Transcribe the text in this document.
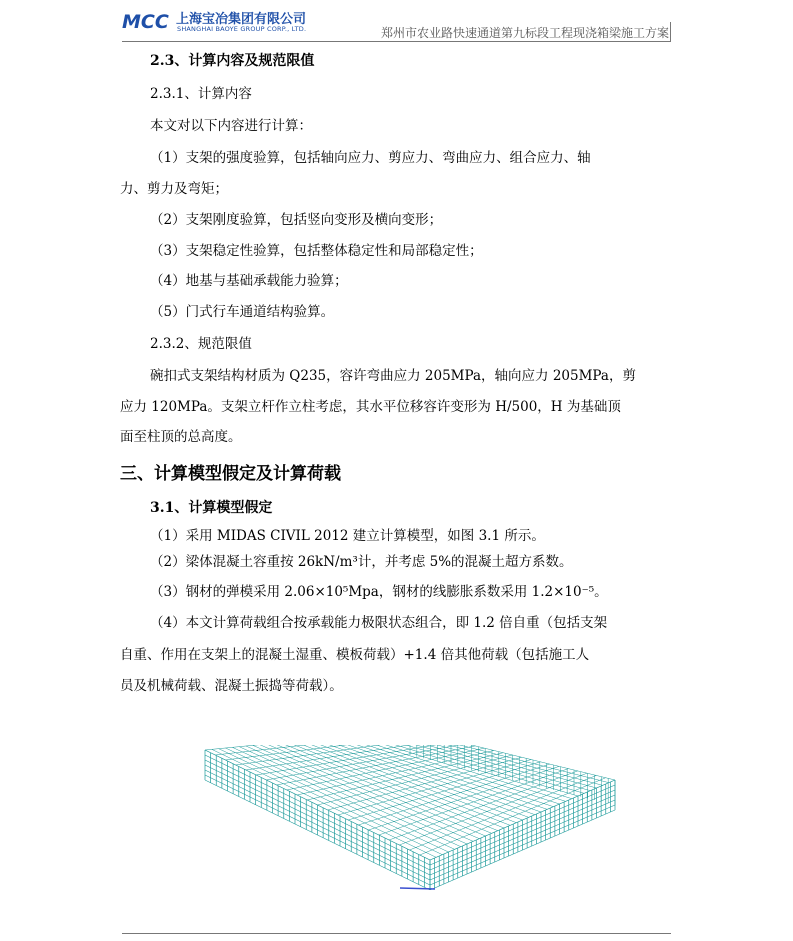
MCC 上海宝冶集团有限公司
SHANGHAI BAOYE GROUP CORP., LTD.	郑州市农业路快速通道第九标段工程现浇箱梁施工方案
2.3、计算内容及规范限值
2.3.1、计算内容
本文对以下内容进行计算：
（1）支架的强度验算，包括轴向应力、剪应力、弯曲应力、组合应力、轴
力、剪力及弯矩；
（2）支架刚度验算，包括竖向变形及横向变形；
（3）支架稳定性验算，包括整体稳定性和局部稳定性；
（4）地基与基础承载能力验算；
（5）门式行车通道结构验算。
2.3.2、规范限值
碗扣式支架结构材质为 Q235，容许弯曲应力 205MPa，轴向应力 205MPa，剪
应力 120MPa。支架立杆作立柱考虑，其水平位移容许变形为 H/500，H 为基础顶
面至柱顶的总高度。
三、计算模型假定及计算荷载
3.1、计算模型假定
（1）采用 MIDAS CIVIL 2012 建立计算模型，如图 3.1 所示。
（2）梁体混凝土容重按 26kN/m³计，并考虑 5%的混凝土超方系数。
（3）钢材的弹模采用 2.06×10⁵Mpa，钢材的线膨胀系数采用 1.2×10⁻⁵。
（4）本文计算荷载组合按承载能力极限状态组合，即 1.2 倍自重（包括支架
自重、作用在支架上的混凝土湿重、模板荷载）+1.4 倍其他荷载（包括施工人
员及机械荷载、混凝土振捣等荷载）。
